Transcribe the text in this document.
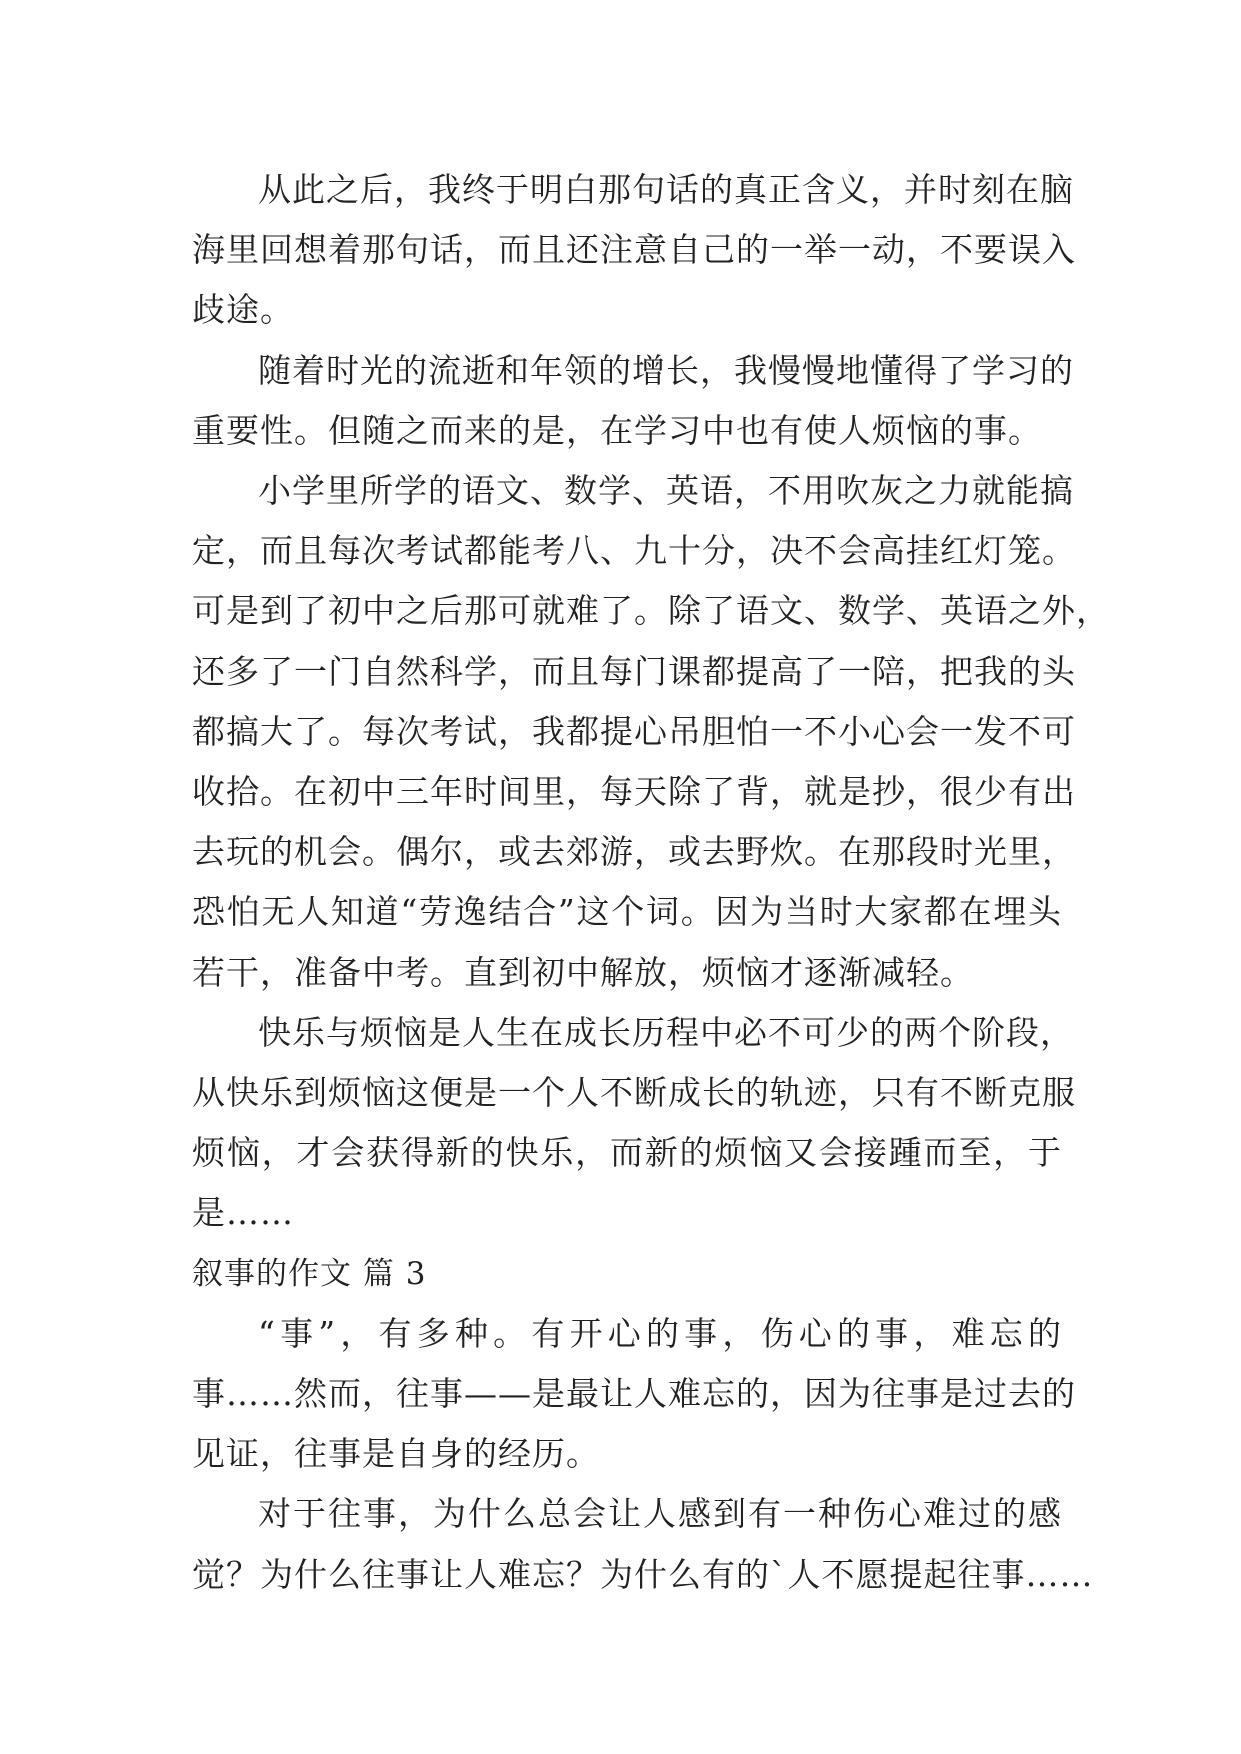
从此之后，我终于明白那句话的真正含义，并时刻在脑
海里回想着那句话，而且还注意自己的一举一动，不要误入
歧途。
随着时光的流逝和年领的增长，我慢慢地懂得了学习的
重要性。但随之而来的是，在学习中也有使人烦恼的事。
小学里所学的语文、数学、英语，不用吹灰之力就能搞
定，而且每次考试都能考八、九十分，决不会高挂红灯笼。
可是到了初中之后那可就难了。除了语文、数学、英语之外，
还多了一门自然科学，而且每门课都提高了一陪，把我的头
都搞大了。每次考试，我都提心吊胆怕一不小心会一发不可
收拾。在初中三年时间里，每天除了背，就是抄，很少有出
去玩的机会。偶尔，或去郊游，或去野炊。在那段时光里，
恐怕无人知道“劳逸结合”这个词。因为当时大家都在埋头
若干，准备中考。直到初中解放，烦恼才逐渐减轻。
快乐与烦恼是人生在成长历程中必不可少的两个阶段，
从快乐到烦恼这便是一个人不断成长的轨迹，只有不断克服
烦恼，才会获得新的快乐，而新的烦恼又会接踵而至，于
是……
叙事的作文 篇 3
“事”，有多种。有开心的事，伤心的事，难忘的
事……然而，往事——是最让人难忘的，因为往事是过去的
见证，往事是自身的经历。
对于往事，为什么总会让人感到有一种伤心难过的感
觉？为什么往事让人难忘？为什么有的`人不愿提起往事……
